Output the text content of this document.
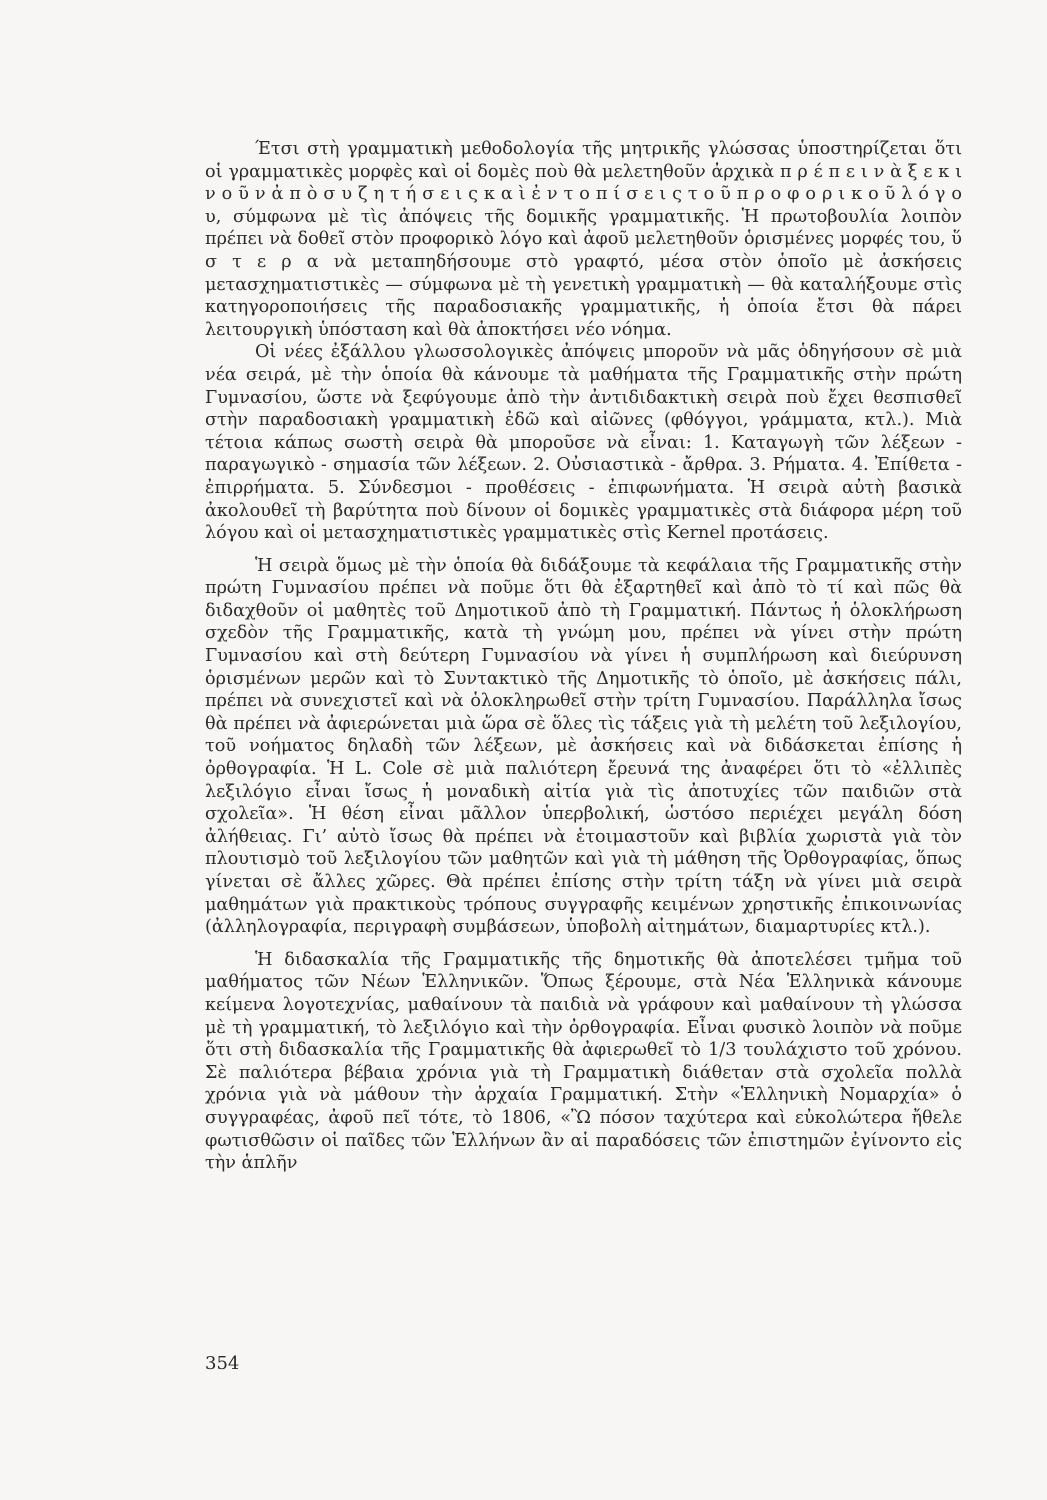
Έτσι στὴ γραμματικὴ μεθοδολογία τῆς μητρικῆς γλώσσας ὑποστηρίζεται ὅτι οἱ γραμματικὲς μορφὲς καὶ οἱ δομὲς ποὺ θὰ μελετηθοῦν ἀρχικὰ π ρ έ π ε ι ν ὰ ξ ε κ ι ν ο ῦ ν ἀ π ὸ σ υ ζ η τ ή σ ε ι ς κ α ὶ ἐ ν τ ο π ί σ ε ι ς τ ο ῦ π ρ ο φ ο ρ ι κ ο ῦ λ ό γ ο υ, σύμφωνα μὲ τὶς ἀπόψεις τῆς δομικῆς γραμματικῆς. Ἡ πρωτοβουλία λοιπὸν πρέπει νὰ δοθεῖ στὸν προφορικὸ λόγο καὶ ἀφοῦ μελετηθοῦν ὁρισμένες μορφές του, ὕ σ τ ε ρ α νὰ μεταπηδήσουμε στὸ γραφτό, μέσα στὸν ὁποῖο μὲ ἀσκήσεις μετασχηματιστικὲς — σύμφωνα μὲ τὴ γενετικὴ γραμματικὴ — θὰ καταλήξουμε στὶς κατηγοροποιήσεις τῆς παραδοσιακῆς γραμματικῆς, ἡ ὁποία ἔτσι θὰ πάρει λειτουργικὴ ὑπόσταση καὶ θὰ ἀποκτήσει νέο νόημα.

Οἱ νέες ἐξάλλου γλωσσολογικὲς ἀπόψεις μποροῦν νὰ μᾶς ὁδηγήσουν σὲ μιὰ νέα σειρά, μὲ τὴν ὁποία θὰ κάνουμε τὰ μαθήματα τῆς Γραμματικῆς στὴν πρώτη Γυμνασίου, ὥστε νὰ ξεφύγουμε ἀπὸ τὴν ἀντιδιδακτικὴ σειρὰ ποὺ ἔχει θεσπισθεῖ στὴν παραδοσιακὴ γραμματικὴ ἐδῶ καὶ αἰῶνες (φθόγγοι, γράμματα, κτλ.). Μιὰ τέτοια κάπως σωστὴ σειρὰ θὰ μποροῦσε νὰ εἶναι: 1. Καταγωγὴ τῶν λέξεων - παραγωγικὸ - σημασία τῶν λέξεων. 2. Οὐσιαστικὰ - ἄρθρα. 3. Ρήματα. 4. Ἐπίθετα - ἐπιρρήματα. 5. Σύνδεσμοι - προθέσεις - ἐπιφωνήματα. Ἡ σειρὰ αὐτὴ βασικὰ ἀκολουθεῖ τὴ βαρύτητα ποὺ δίνουν οἱ δομικὲς γραμματικὲς στὰ διάφορα μέρη τοῦ λόγου καὶ οἱ μετασχηματιστικὲς γραμματικὲς στὶς Kernel προτάσεις.

Ἡ σειρὰ ὅμως μὲ τὴν ὁποία θὰ διδάξουμε τὰ κεφάλαια τῆς Γραμματικῆς στὴν πρώτη Γυμνασίου πρέπει νὰ ποῦμε ὅτι θὰ ἐξαρτηθεῖ καὶ ἀπὸ τὸ τί καὶ πῶς θὰ διδαχθοῦν οἱ μαθητὲς τοῦ Δημοτικοῦ ἀπὸ τὴ Γραμματική. Πάντως ἡ ὁλοκλήρωση σχεδὸν τῆς Γραμματικῆς, κατὰ τὴ γνώμη μου, πρέπει νὰ γίνει στὴν πρώτη Γυμνασίου καὶ στὴ δεύτερη Γυμνασίου νὰ γίνει ἡ συμπλήρωση καὶ διεύρυνση ὁρισμένων μερῶν καὶ τὸ Συντακτικὸ τῆς Δημοτικῆς τὸ ὁποῖο, μὲ ἀσκήσεις πάλι, πρέπει νὰ συνεχιστεῖ καὶ νὰ ὁλοκληρωθεῖ στὴν τρίτη Γυμνασίου. Παράλληλα ἴσως θὰ πρέπει νὰ ἀφιερώνεται μιὰ ὥρα σὲ ὅλες τὶς τάξεις γιὰ τὴ μελέτη τοῦ λεξιλογίου, τοῦ νοήματος δηλαδὴ τῶν λέξεων, μὲ ἀσκήσεις καὶ νὰ διδάσκεται ἐπίσης ἡ ὀρθογραφία. Ἡ L. Cole σὲ μιὰ παλιότερη ἔρευνά της ἀναφέρει ὅτι τὸ «ἐλλιπὲς λεξιλόγιο εἶναι ἴσως ἡ μοναδικὴ αἰτία γιὰ τὶς ἀποτυχίες τῶν παιδιῶν στὰ σχολεῖα». Ἡ θέση εἶναι μᾶλλον ὑπερβολική, ὡστόσο περιέχει μεγάλη δόση ἀλήθειας. Γι’ αὐτὸ ἴσως θὰ πρέπει νὰ ἑτοιμαστοῦν καὶ βιβλία χωριστὰ γιὰ τὸν πλουτισμὸ τοῦ λεξιλογίου τῶν μαθητῶν καὶ γιὰ τὴ μάθηση τῆς Ὀρθογραφίας, ὅπως γίνεται σὲ ἄλλες χῶρες. Θὰ πρέπει ἐπίσης στὴν τρίτη τάξη νὰ γίνει μιὰ σειρὰ μαθημάτων γιὰ πρακτικοὺς τρόπους συγγραφῆς κειμένων χρηστικῆς ἐπικοινωνίας (ἀλληλογραφία, περιγραφὴ συμβάσεων, ὑποβολὴ αἰτημάτων, διαμαρτυρίες κτλ.).

Ἡ διδασκαλία τῆς Γραμματικῆς τῆς δημοτικῆς θὰ ἀποτελέσει τμῆμα τοῦ μαθήματος τῶν Νέων Ἑλληνικῶν. Ὅπως ξέρουμε, στὰ Νέα Ἑλληνικὰ κάνουμε κείμενα λογοτεχνίας, μαθαίνουν τὰ παιδιὰ νὰ γράφουν καὶ μαθαίνουν τὴ γλώσσα μὲ τὴ γραμματική, τὸ λεξιλόγιο καὶ τὴν ὀρθογραφία. Εἶναι φυσικὸ λοιπὸν νὰ ποῦμε ὅτι στὴ διδασκαλία τῆς Γραμματικῆς θὰ ἀφιερωθεῖ τὸ 1/3 τουλάχιστο τοῦ χρόνου. Σὲ παλιότερα βέβαια χρόνια γιὰ τὴ Γραμματικὴ διάθεταν στὰ σχολεῖα πολλὰ χρόνια γιὰ νὰ μάθουν τὴν ἀρχαία Γραμματική. Στὴν «Ἑλληνικὴ Νομαρχία» ὁ συγγραφέας, ἀφοῦ πεῖ τότε, τὸ 1806, «Ὢ πόσον ταχύτερα καὶ εὐκολώτερα ἤθελε φωτισθῶσιν οἱ παῖδες τῶν Ἑλλήνων ἂν αἱ παραδόσεις τῶν ἐπιστημῶν ἐγίνοντο εἰς τὴν ἁπλῆν

354
